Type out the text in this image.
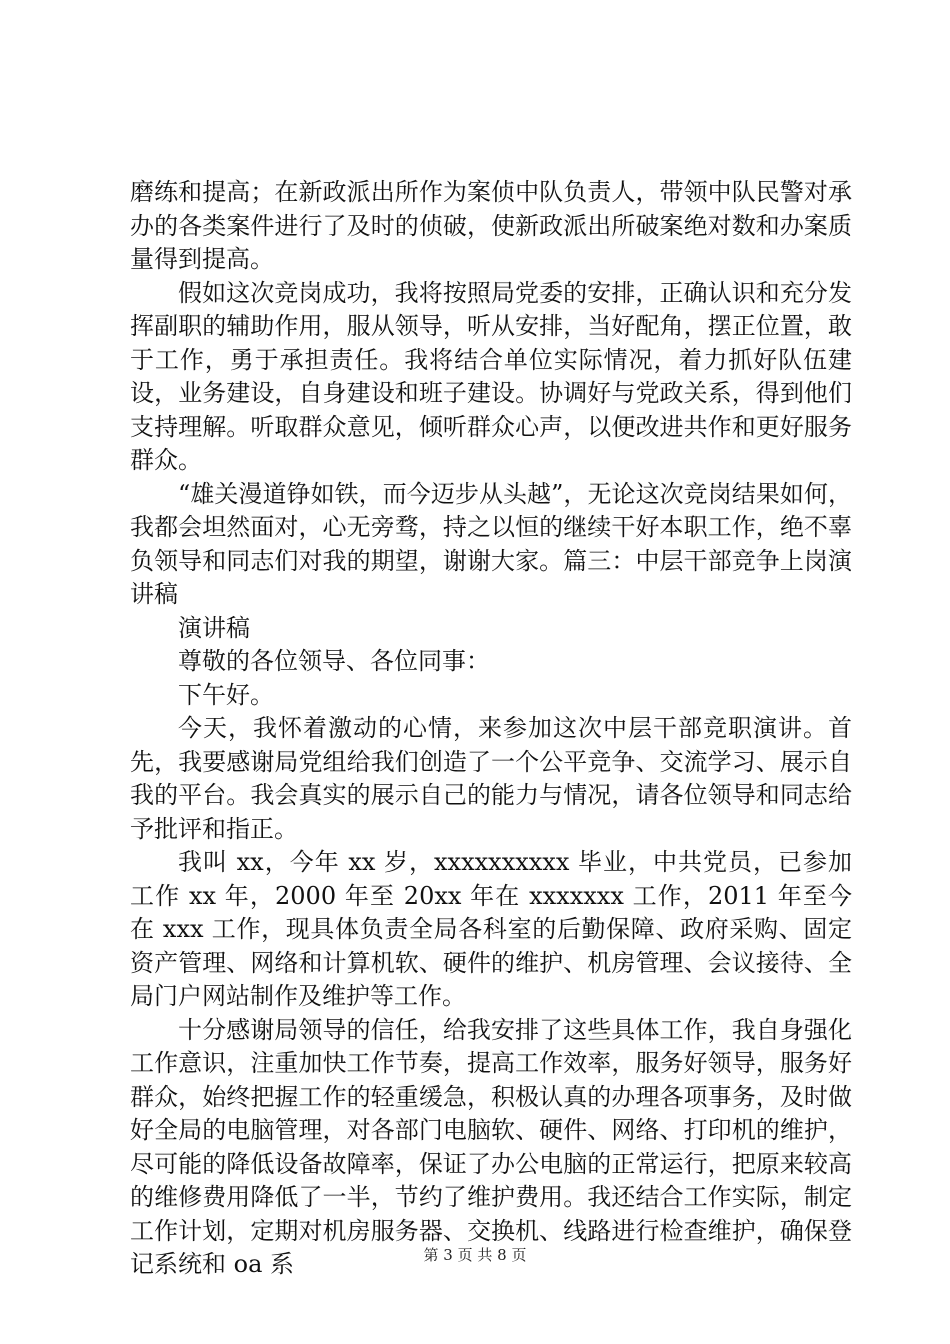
磨练和提高；在新政派出所作为案侦中队负责人，带领中队民警对承办的各类案件进行了及时的侦破，使新政派出所破案绝对数和办案质量得到提高。

假如这次竞岗成功，我将按照局党委的安排，正确认识和充分发挥副职的辅助作用，服从领导，听从安排，当好配角，摆正位置，敢于工作，勇于承担责任。我将结合单位实际情况，着力抓好队伍建设，业务建设，自身建设和班子建设。协调好与党政关系，得到他们支持理解。听取群众意见，倾听群众心声，以便改进共作和更好服务群众。

“雄关漫道铮如铁，而今迈步从头越”，无论这次竞岗结果如何，我都会坦然面对，心无旁骛，持之以恒的继续干好本职工作，绝不辜负领导和同志们对我的期望，谢谢大家。篇三：中层干部竞争上岗演讲稿

演讲稿

尊敬的各位领导、各位同事：

下午好。

今天，我怀着激动的心情，来参加这次中层干部竞职演讲。首先，我要感谢局党组给我们创造了一个公平竞争、交流学习、展示自我的平台。我会真实的展示自己的能力与情况，请各位领导和同志给予批评和指正。

我叫 xx，今年 xx 岁，xxxxxxxxxx 毕业，中共党员，已参加工作 xx 年，2000 年至 20xx 年在 xxxxxxx 工作，2011 年至今在 xxx 工作，现具体负责全局各科室的后勤保障、政府采购、固定资产管理、网络和计算机软、硬件的维护、机房管理、会议接待、全局门户网站制作及维护等工作。

十分感谢局领导的信任，给我安排了这些具体工作，我自身强化工作意识，注重加快工作节奏，提高工作效率，服务好领导，服务好群众，始终把握工作的轻重缓急，积极认真的办理各项事务，及时做好全局的电脑管理，对各部门电脑软、硬件、网络、打印机的维护，尽可能的降低设备故障率，保证了办公电脑的正常运行，把原来较高的维修费用降低了一半，节约了维护费用。我还结合工作实际，制定工作计划，定期对机房服务器、交换机、线路进行检查维护，确保登记系统和 oa 系	第 3 页 共 8 页
